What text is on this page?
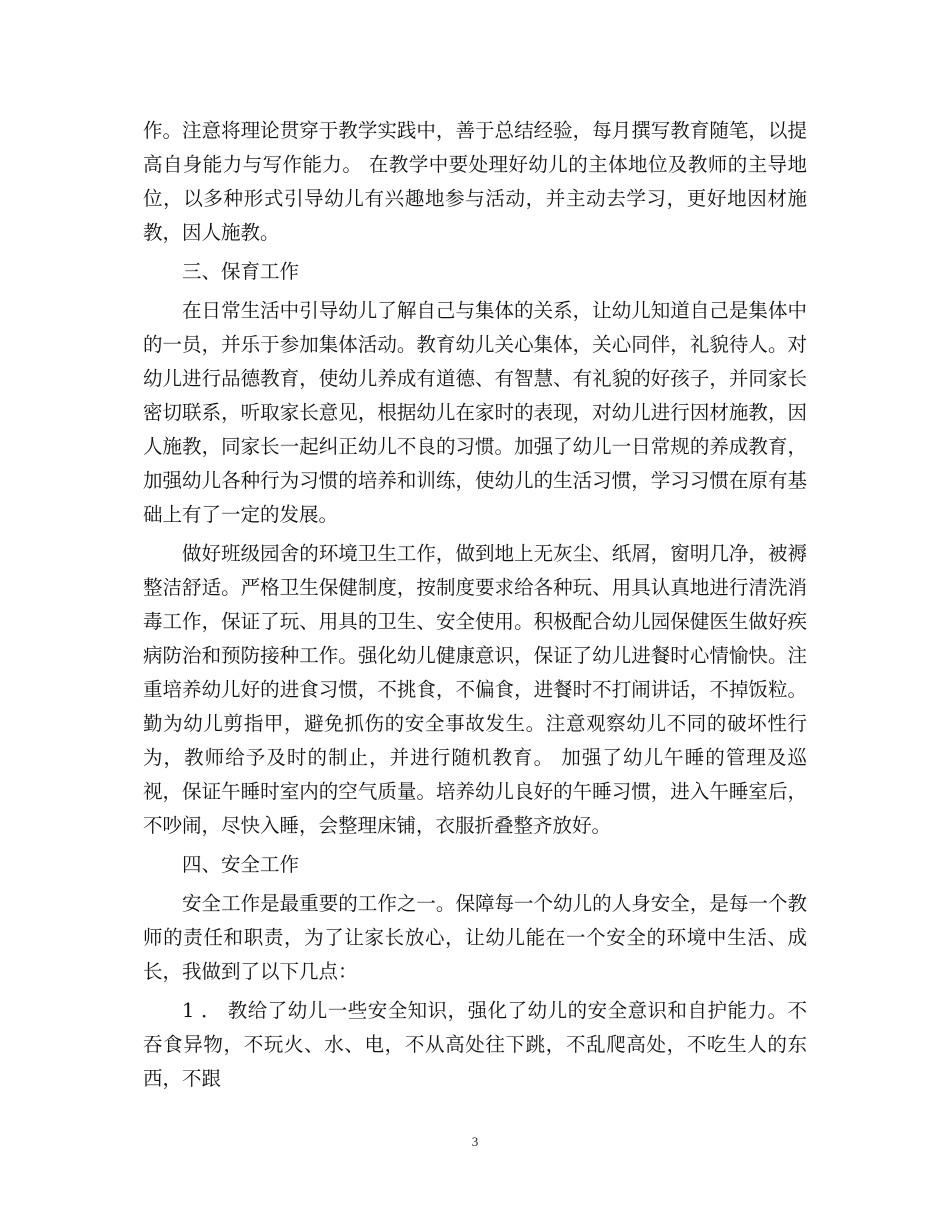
作。注意将理论贯穿于教学实践中，善于总结经验，每月撰写教育随笔，以提高自身能力与写作能力。 在教学中要处理好幼儿的主体地位及教师的主导地位，以多种形式引导幼儿有兴趣地参与活动，并主动去学习，更好地因材施教，因人施教。

三、保育工作

在日常生活中引导幼儿了解自己与集体的关系，让幼儿知道自己是集体中的一员，并乐于参加集体活动。教育幼儿关心集体，关心同伴，礼貌待人。对幼儿进行品德教育，使幼儿养成有道德、有智慧、有礼貌的好孩子，并同家长密切联系，听取家长意见，根据幼儿在家时的表现，对幼儿进行因材施教，因人施教，同家长一起纠正幼儿不良的习惯。加强了幼儿一日常规的养成教育，加强幼儿各种行为习惯的培养和训练，使幼儿的生活习惯，学习习惯在原有基础上有了一定的发展。

做好班级园舍的环境卫生工作，做到地上无灰尘、纸屑，窗明几净，被褥整洁舒适。严格卫生保健制度，按制度要求给各种玩、用具认真地进行清洗消毒工作，保证了玩、用具的卫生、安全使用。积极配合幼儿园保健医生做好疾病防治和预防接种工作。强化幼儿健康意识，保证了幼儿进餐时心情愉快。注重培养幼儿好的进食习惯，不挑食，不偏食，进餐时不打闹讲话，不掉饭粒。勤为幼儿剪指甲，避免抓伤的安全事故发生。注意观察幼儿不同的破坏性行为，教师给予及时的制止，并进行随机教育。 加强了幼儿午睡的管理及巡视，保证午睡时室内的空气质量。培养幼儿良好的午睡习惯，进入午睡室后，不吵闹，尽快入睡，会整理床铺，衣服折叠整齐放好。

四、安全工作

安全工作是最重要的工作之一。保障每一个幼儿的人身安全，是每一个教师的责任和职责，为了让家长放心，让幼儿能在一个安全的环境中生活、成长，我做到了以下几点：

1 ． 教给了幼儿一些安全知识，强化了幼儿的安全意识和自护能力。不吞食异物，不玩火、水、电，不从高处往下跳，不乱爬高处，不吃生人的东西，不跟

3
